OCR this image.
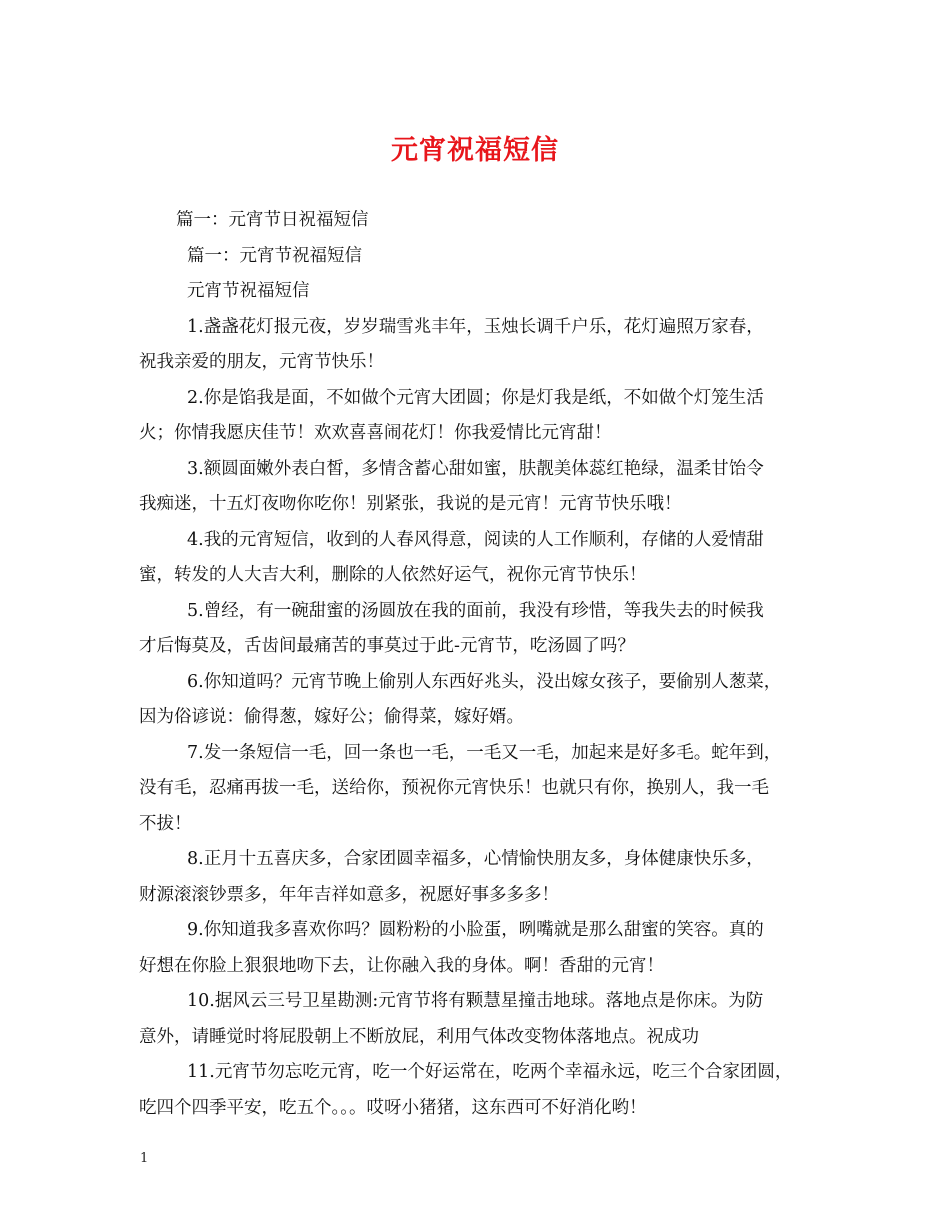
元宵祝福短信
篇一：元宵节日祝福短信
篇一：元宵节祝福短信
元宵节祝福短信
1.盏盏花灯报元夜，岁岁瑞雪兆丰年，玉烛长调千户乐，花灯遍照万家春，
祝我亲爱的朋友，元宵节快乐！
2.你是馅我是面，不如做个元宵大团圆；你是灯我是纸，不如做个灯笼生活
火；你情我愿庆佳节！欢欢喜喜闹花灯！你我爱情比元宵甜！
3.额圆面嫩外表白皙，多情含蓄心甜如蜜，肤靓美体蕊红艳绿，温柔甘饴令
我痴迷，十五灯夜吻你吃你！别紧张，我说的是元宵！元宵节快乐哦！
4.我的元宵短信，收到的人春风得意，阅读的人工作顺利，存储的人爱情甜
蜜，转发的人大吉大利，删除的人依然好运气，祝你元宵节快乐！
5.曾经，有一碗甜蜜的汤圆放在我的面前，我没有珍惜，等我失去的时候我
才后悔莫及，舌齿间最痛苦的事莫过于此-元宵节，吃汤圆了吗？
6.你知道吗？元宵节晚上偷别人东西好兆头，没出嫁女孩子，要偷别人葱菜，
因为俗谚说：偷得葱，嫁好公；偷得菜，嫁好婿。
7.发一条短信一毛，回一条也一毛，一毛又一毛，加起来是好多毛。蛇年到，
没有毛，忍痛再拔一毛，送给你，预祝你元宵快乐！也就只有你，换别人，我一毛
不拔！
8.正月十五喜庆多，合家团圆幸福多，心情愉快朋友多，身体健康快乐多，
财源滚滚钞票多，年年吉祥如意多，祝愿好事多多多！
9.你知道我多喜欢你吗？圆粉粉的小脸蛋，咧嘴就是那么甜蜜的笑容。真的
好想在你脸上狠狠地吻下去，让你融入我的身体。啊！香甜的元宵！
10.据风云三号卫星勘测:元宵节将有颗慧星撞击地球。落地点是你床。为防
意外，请睡觉时将屁股朝上不断放屁，利用气体改变物体落地点。祝成功
11.元宵节勿忘吃元宵，吃一个好运常在，吃两个幸福永远，吃三个合家团圆，
吃四个四季平安，吃五个。。。哎呀小猪猪，这东西可不好消化哟！
1
